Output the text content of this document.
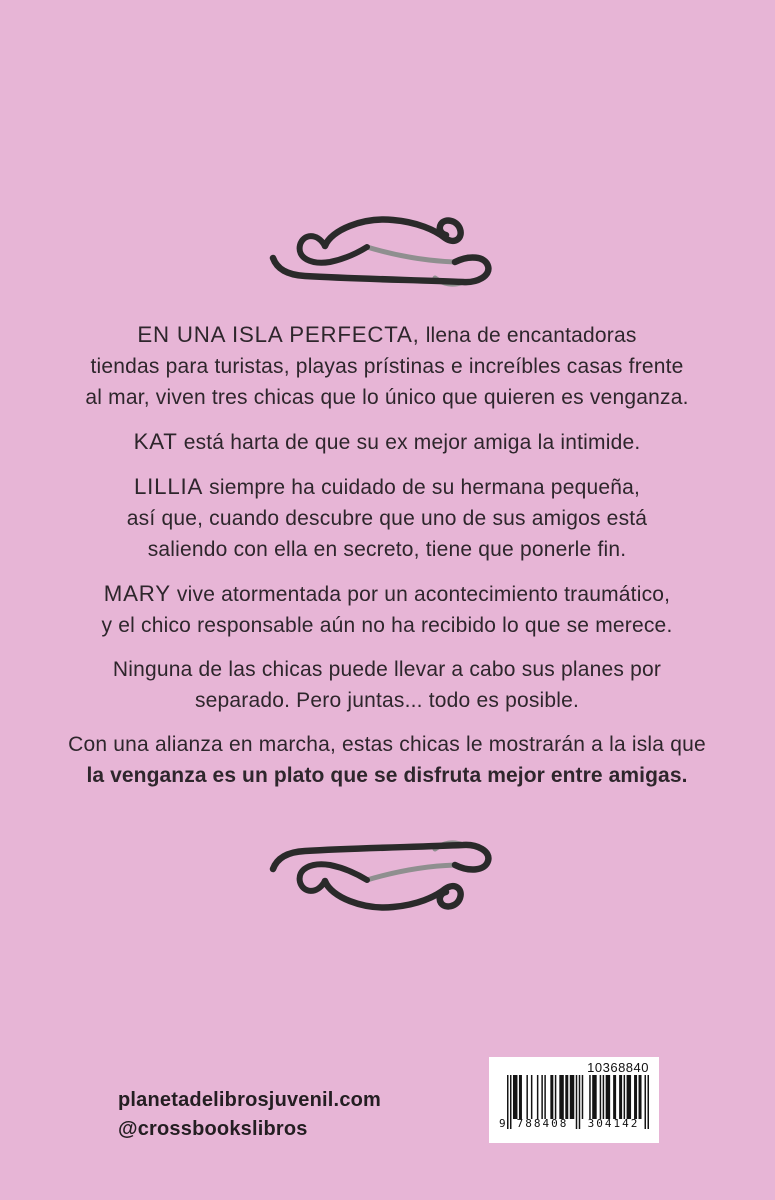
EN UNA ISLA PERFECTA, llena de encantadoras
tiendas para turistas, playas prístinas e increíbles casas frente
al mar, viven tres chicas que lo único que quieren es venganza.
KAT está harta de que su ex mejor amiga la intimide.
LILLIA siempre ha cuidado de su hermana pequeña,
así que, cuando descubre que uno de sus amigos está
saliendo con ella en secreto, tiene que ponerle fin.
MARY vive atormentada por un acontecimiento traumático,
y el chico responsable aún no ha recibido lo que se merece.
Ninguna de las chicas puede llevar a cabo sus planes por
separado. Pero juntas... todo es posible.
Con una alianza en marcha, estas chicas le mostrarán a la isla que
la venganza es un plato que se disfruta mejor entre amigas.
planetadelibrosjuvenil.com
@crossbookslibros
10368840
9	788408	304142
